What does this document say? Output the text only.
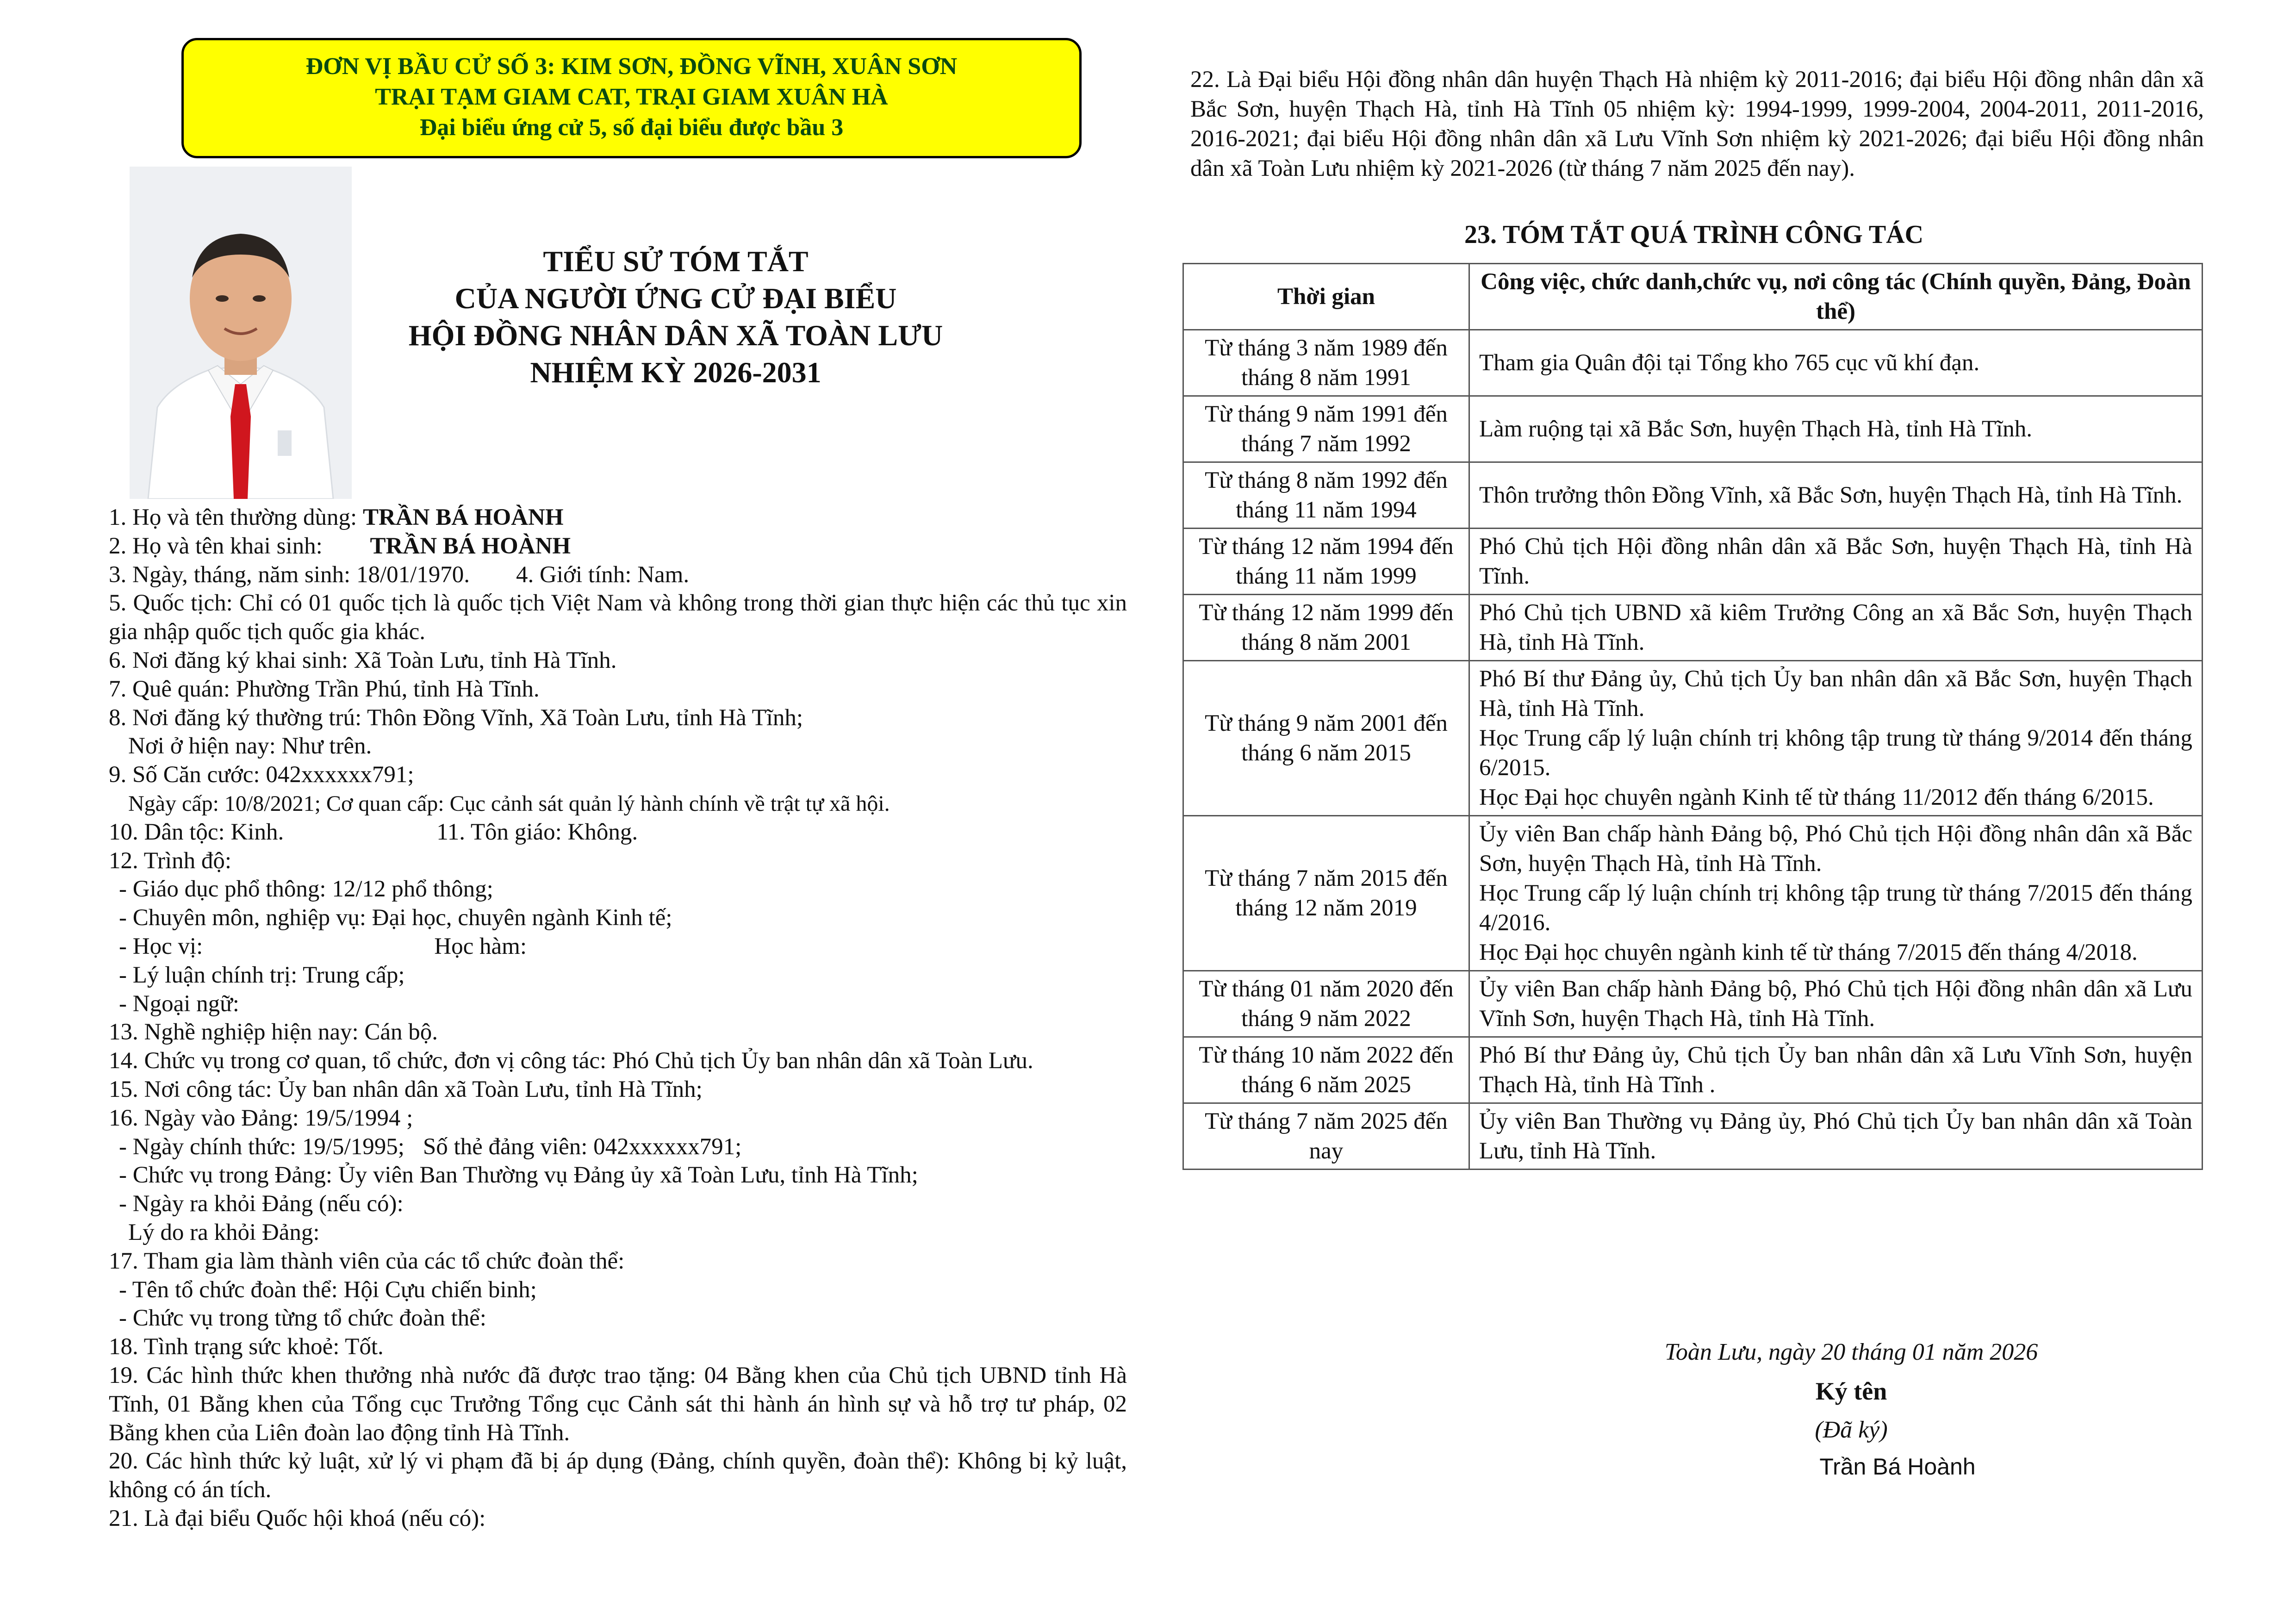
ĐƠN VỊ BẦU CỬ SỐ 3: KIM SƠN, ĐỒNG VĨNH, XUÂN SƠN
TRẠI TẠM GIAM CAT, TRẠI GIAM XUÂN HÀ
Đại biểu ứng cử 5, số đại biểu được bầu 3
TIỂU SỬ TÓM TẮT
CỦA NGƯỜI ỨNG CỬ ĐẠI BIỂU
HỘI ĐỒNG NHÂN DÂN XÃ TOÀN LƯU
NHIỆM KỲ 2026-2031
1. Họ và tên thường dùng: TRẦN BÁ HOÀNH
2. Họ và tên khai sinh: TRẦN BÁ HOÀNH
3. Ngày, tháng, năm sinh: 18/01/1970. 4. Giới tính: Nam.
5. Quốc tịch: Chỉ có 01 quốc tịch là quốc tịch Việt Nam và không trong thời gian thực hiện các thủ tục xin gia nhập quốc tịch quốc gia khác.
6. Nơi đăng ký khai sinh: Xã Toàn Lưu, tỉnh Hà Tĩnh.
7. Quê quán: Phường Trần Phú, tỉnh Hà Tĩnh.
8. Nơi đăng ký thường trú: Thôn Đồng Vĩnh, Xã Toàn Lưu, tỉnh Hà Tĩnh;
Nơi ở hiện nay: Như trên.
9. Số Căn cước: 042xxxxxx791;
Ngày cấp: 10/8/2021; Cơ quan cấp: Cục cảnh sát quản lý hành chính về trật tự xã hội.
10. Dân tộc: Kinh.	11. Tôn giáo: Không.
12. Trình độ:
- Giáo dục phổ thông: 12/12 phổ thông;
- Chuyên môn, nghiệp vụ: Đại học, chuyên ngành Kinh tế;
- Học vị:	Học hàm:
- Lý luận chính trị: Trung cấp;
- Ngoại ngữ:
13. Nghề nghiệp hiện nay: Cán bộ.
14. Chức vụ trong cơ quan, tổ chức, đơn vị công tác: Phó Chủ tịch Ủy ban nhân dân xã Toàn Lưu.
15. Nơi công tác: Ủy ban nhân dân xã Toàn Lưu, tỉnh Hà Tĩnh;
16. Ngày vào Đảng: 19/5/1994 ;
- Ngày chính thức: 19/5/1995; Số thẻ đảng viên: 042xxxxxx791;
- Chức vụ trong Đảng: Ủy viên Ban Thường vụ Đảng ủy xã Toàn Lưu, tỉnh Hà Tĩnh;
- Ngày ra khỏi Đảng (nếu có):
Lý do ra khỏi Đảng:
17. Tham gia làm thành viên của các tổ chức đoàn thể:
- Tên tổ chức đoàn thể: Hội Cựu chiến binh;
- Chức vụ trong từng tổ chức đoàn thể:
18. Tình trạng sức khoẻ: Tốt.
19. Các hình thức khen thưởng nhà nước đã được trao tặng: 04 Bằng khen của Chủ tịch UBND tỉnh Hà Tĩnh, 01 Bằng khen của Tổng cục Trưởng Tổng cục Cảnh sát thi hành án hình sự và hỗ trợ tư pháp, 02 Bằng khen của Liên đoàn lao động tỉnh Hà Tĩnh.
20. Các hình thức kỷ luật, xử lý vi phạm đã bị áp dụng (Đảng, chính quyền, đoàn thể): Không bị kỷ luật, không có án tích.
21. Là đại biểu Quốc hội khoá (nếu có):
22. Là Đại biểu Hội đồng nhân dân huyện Thạch Hà nhiệm kỳ 2011-2016; đại biểu Hội đồng nhân dân xã Bắc Sơn, huyện Thạch Hà, tỉnh Hà Tĩnh 05 nhiệm kỳ: 1994-1999, 1999-2004, 2004-2011, 2011-2016, 2016-2021; đại biểu Hội đồng nhân dân xã Lưu Vĩnh Sơn nhiệm kỳ 2021-2026; đại biểu Hội đồng nhân dân xã Toàn Lưu nhiệm kỳ 2021-2026 (từ tháng 7 năm 2025 đến nay).
23. TÓM TẮT QUÁ TRÌNH CÔNG TÁC
Thời gian	Công việc, chức danh,chức vụ, nơi công tác (Chính quyền, Đảng, Đoàn thể)
Từ tháng 3 năm 1989 đến tháng 8 năm 1991	Tham gia Quân đội tại Tổng kho 765 cục vũ khí đạn.

Từ tháng 9 năm 1991 đến tháng 7 năm 1992	Làm ruộng tại xã Bắc Sơn, huyện Thạch Hà, tỉnh Hà Tĩnh.

Từ tháng 8 năm 1992 đến tháng 11 năm 1994	Thôn trưởng thôn Đồng Vĩnh, xã Bắc Sơn, huyện Thạch Hà, tỉnh Hà Tĩnh.

Từ tháng 12 năm 1994 đến tháng 11 năm 1999	Phó Chủ tịch Hội đồng nhân dân xã Bắc Sơn, huyện Thạch Hà, tỉnh Hà Tĩnh.

Từ tháng 12 năm 1999 đến tháng 8 năm 2001	Phó Chủ tịch UBND xã kiêm Trưởng Công an xã Bắc Sơn, huyện Thạch Hà, tỉnh Hà Tĩnh.

Từ tháng 9 năm 2001 đến tháng 6 năm 2015	Phó Bí thư Đảng ủy, Chủ tịch Ủy ban nhân dân xã Bắc Sơn, huyện Thạch Hà, tỉnh Hà Tĩnh.
Học Trung cấp lý luận chính trị không tập trung từ tháng 9/2014 đến tháng 6/2015.
Học Đại học chuyên ngành Kinh tế từ tháng 11/2012 đến tháng 6/2015.

Từ tháng 7 năm 2015 đến tháng 12 năm 2019	Ủy viên Ban chấp hành Đảng bộ, Phó Chủ tịch Hội đồng nhân dân xã Bắc Sơn, huyện Thạch Hà, tỉnh Hà Tĩnh.
Học Trung cấp lý luận chính trị không tập trung từ tháng 7/2015 đến tháng 4/2016.
Học Đại học chuyên ngành kinh tế từ tháng 7/2015 đến tháng 4/2018.

Từ tháng 01 năm 2020 đến tháng 9 năm 2022	Ủy viên Ban chấp hành Đảng bộ, Phó Chủ tịch Hội đồng nhân dân xã Lưu Vĩnh Sơn, huyện Thạch Hà, tỉnh Hà Tĩnh.

Từ tháng 10 năm 2022 đến tháng 6 năm 2025	Phó Bí thư Đảng ủy, Chủ tịch Ủy ban nhân dân xã Lưu Vĩnh Sơn, huyện Thạch Hà, tỉnh Hà Tĩnh .

Từ tháng 7 năm 2025 đến nay	Ủy viên Ban Thường vụ Đảng ủy, Phó Chủ tịch Ủy ban nhân dân xã Toàn Lưu, tỉnh Hà Tĩnh.
Toàn Lưu, ngày 20 tháng 01 năm 2026
Ký tên
(Đã ký)
Trần Bá Hoành
